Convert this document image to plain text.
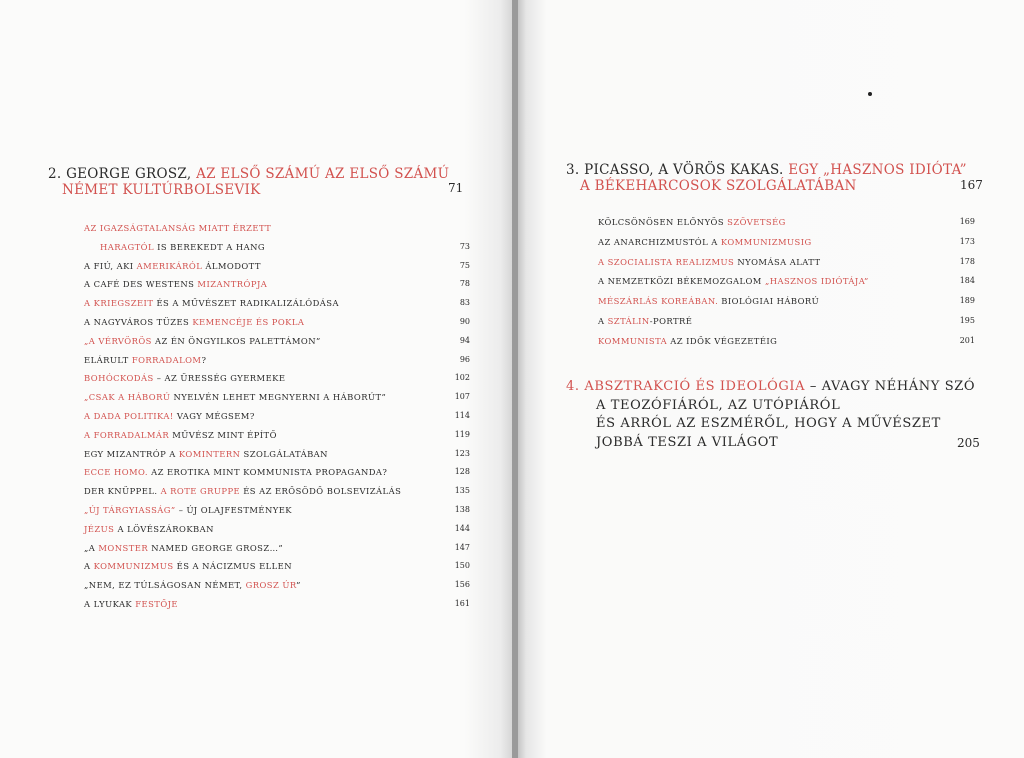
2. GEORGE GROSZ, AZ ELSŐ SZÁMÚ AZ ELSŐ SZÁMÚ
NÉMET KULTÚRBOLSEVIK	71
AZ IGAZSÁGTALANSÁG MIATT ÉRZETT
HARAGTÓL IS BEREKEDT A HANG	73
A FIÚ, AKI AMERIKÁRÓL ÁLMODOTT	75
A CAFÉ DES WESTENS MIZANTRÓPJA	78
A KRIEGSZEIT ÉS A MŰVÉSZET RADIKALIZÁLÓDÁSA	83
A NAGYVÁROS TÜZES KEMENCÉJE ÉS POKLA	90
„A VÉRVÖRÖS AZ ÉN ÖNGYILKOS PALETTÁMON”	94
ELÁRULT FORRADALOM?	96
BOHÓCKODÁS – AZ ÜRESSÉG GYERMEKE	102
„CSAK A HÁBORÚ NYELVÉN LEHET MEGNYERNI A HÁBORÚT”	107
A DADA POLITIKA! VAGY MÉGSEM?	114
A FORRADALMÁR MŰVÉSZ MINT ÉPÍTŐ	119
EGY MIZANTRÓP A KOMINTERN SZOLGÁLATÁBAN	123
ECCE HOMO. AZ EROTIKA MINT KOMMUNISTA PROPAGANDA?	128
DER KNÜPPEL. A ROTE GRUPPE ÉS AZ ERŐSÖDŐ BOLSEVIZÁLÁS	135
„ÚJ TÁRGYIASSÁG” – ÚJ OLAJFESTMÉNYEK	138
JÉZUS A LÖVÉSZÁROKBAN	144
„A MONSTER NAMED GEORGE GROSZ…”	147
A KOMMUNIZMUS ÉS A NÁCIZMUS ELLEN	150
„NEM, EZ TÚLSÁGOSAN NÉMET, GROSZ ÚR”	156
A LYUKAK FESTŐJE	161
3. PICASSO, A VÖRÖS KAKAS. EGY „HASZNOS IDIÓTA”
A BÉKEHARCOSOK SZOLGÁLATÁBAN	167
KÖLCSÖNÖSEN ELŐNYÖS SZÖVETSÉG	169
AZ ANARCHIZMUSTÓL A KOMMUNIZMUSIG	173
A SZOCIALISTA REALIZMUS NYOMÁSA ALATT	178
A NEMZETKÖZI BÉKEMOZGALOM „HASZNOS IDIÓTÁJA”	184
MÉSZÁRLÁS KOREÁBAN. BIOLÓGIAI HÁBORÚ	189
A SZTÁLIN-PORTRÉ	195
KOMMUNISTA AZ IDŐK VÉGEZETÉIG	201
4. ABSZTRAKCIÓ ÉS IDEOLÓGIA – AVAGY NÉHÁNY SZÓ
A TEOZÓFIÁRÓL, AZ UTÓPIÁRÓL
ÉS ARRÓL AZ ESZMÉRŐL, HOGY A MŰVÉSZET
JOBBÁ TESZI A VILÁGOT	205
